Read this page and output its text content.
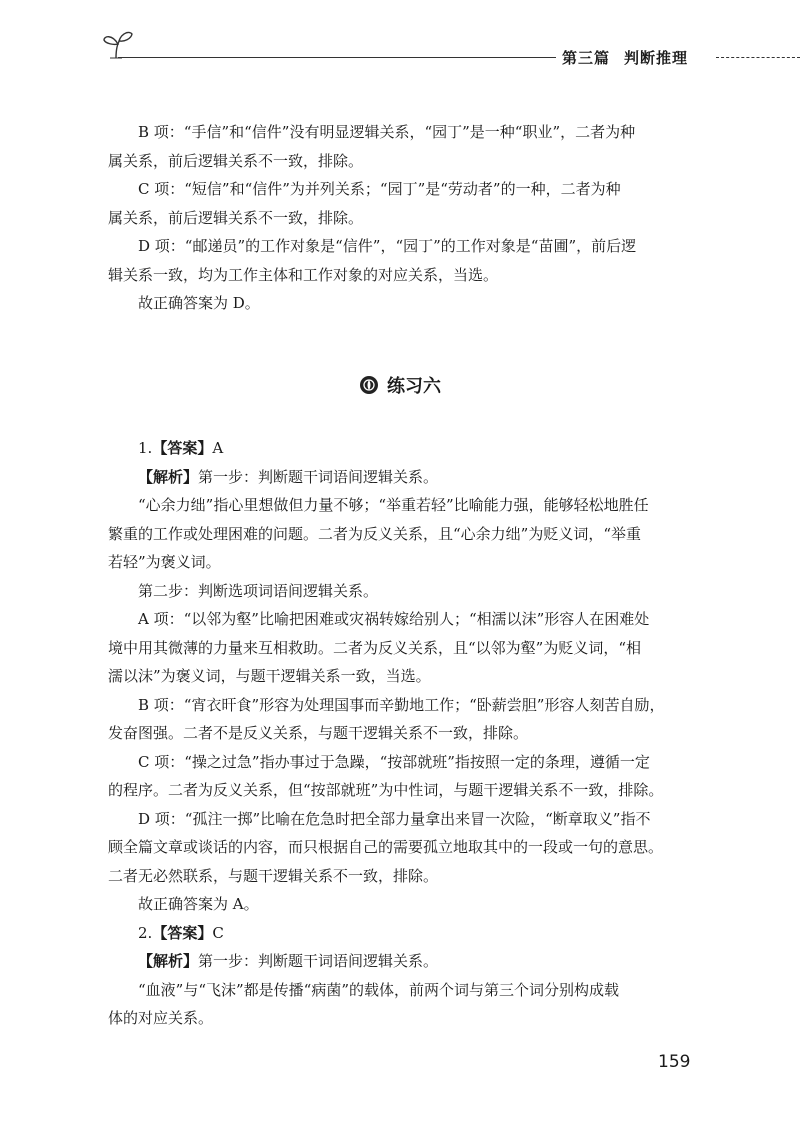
第三篇 判断推理
B 项：“手信”和“信件”没有明显逻辑关系，“园丁”是一种“职业”，二者为种
属关系，前后逻辑关系不一致，排除。
C 项：“短信”和“信件”为并列关系；“园丁”是“劳动者”的一种，二者为种
属关系，前后逻辑关系不一致，排除。
D 项：“邮递员”的工作对象是“信件”，“园丁”的工作对象是“苗圃”，前后逻
辑关系一致，均为工作主体和工作对象的对应关系，当选。
故正确答案为 D。
练习六
1.【答案】A
【解析】第一步：判断题干词语间逻辑关系。
“心余力绌”指心里想做但力量不够；“举重若轻”比喻能力强，能够轻松地胜任
繁重的工作或处理困难的问题。二者为反义关系，且“心余力绌”为贬义词，“举重
若轻”为褒义词。
第二步：判断选项词语间逻辑关系。
A 项：“以邻为壑”比喻把困难或灾祸转嫁给别人；“相濡以沫”形容人在困难处
境中用其微薄的力量来互相救助。二者为反义关系，且“以邻为壑”为贬义词，“相
濡以沫”为褒义词，与题干逻辑关系一致，当选。
B 项：“宵衣旰食”形容为处理国事而辛勤地工作；“卧薪尝胆”形容人刻苦自励，
发奋图强。二者不是反义关系，与题干逻辑关系不一致，排除。
C 项：“操之过急”指办事过于急躁，“按部就班”指按照一定的条理，遵循一定
的程序。二者为反义关系，但“按部就班”为中性词，与题干逻辑关系不一致，排除。
D 项：“孤注一掷”比喻在危急时把全部力量拿出来冒一次险，“断章取义”指不
顾全篇文章或谈话的内容，而只根据自己的需要孤立地取其中的一段或一句的意思。
二者无必然联系，与题干逻辑关系不一致，排除。
故正确答案为 A。
2.【答案】C
【解析】第一步：判断题干词语间逻辑关系。
“血液”与“飞沫”都是传播“病菌”的载体，前两个词与第三个词分别构成载
体的对应关系。
159
